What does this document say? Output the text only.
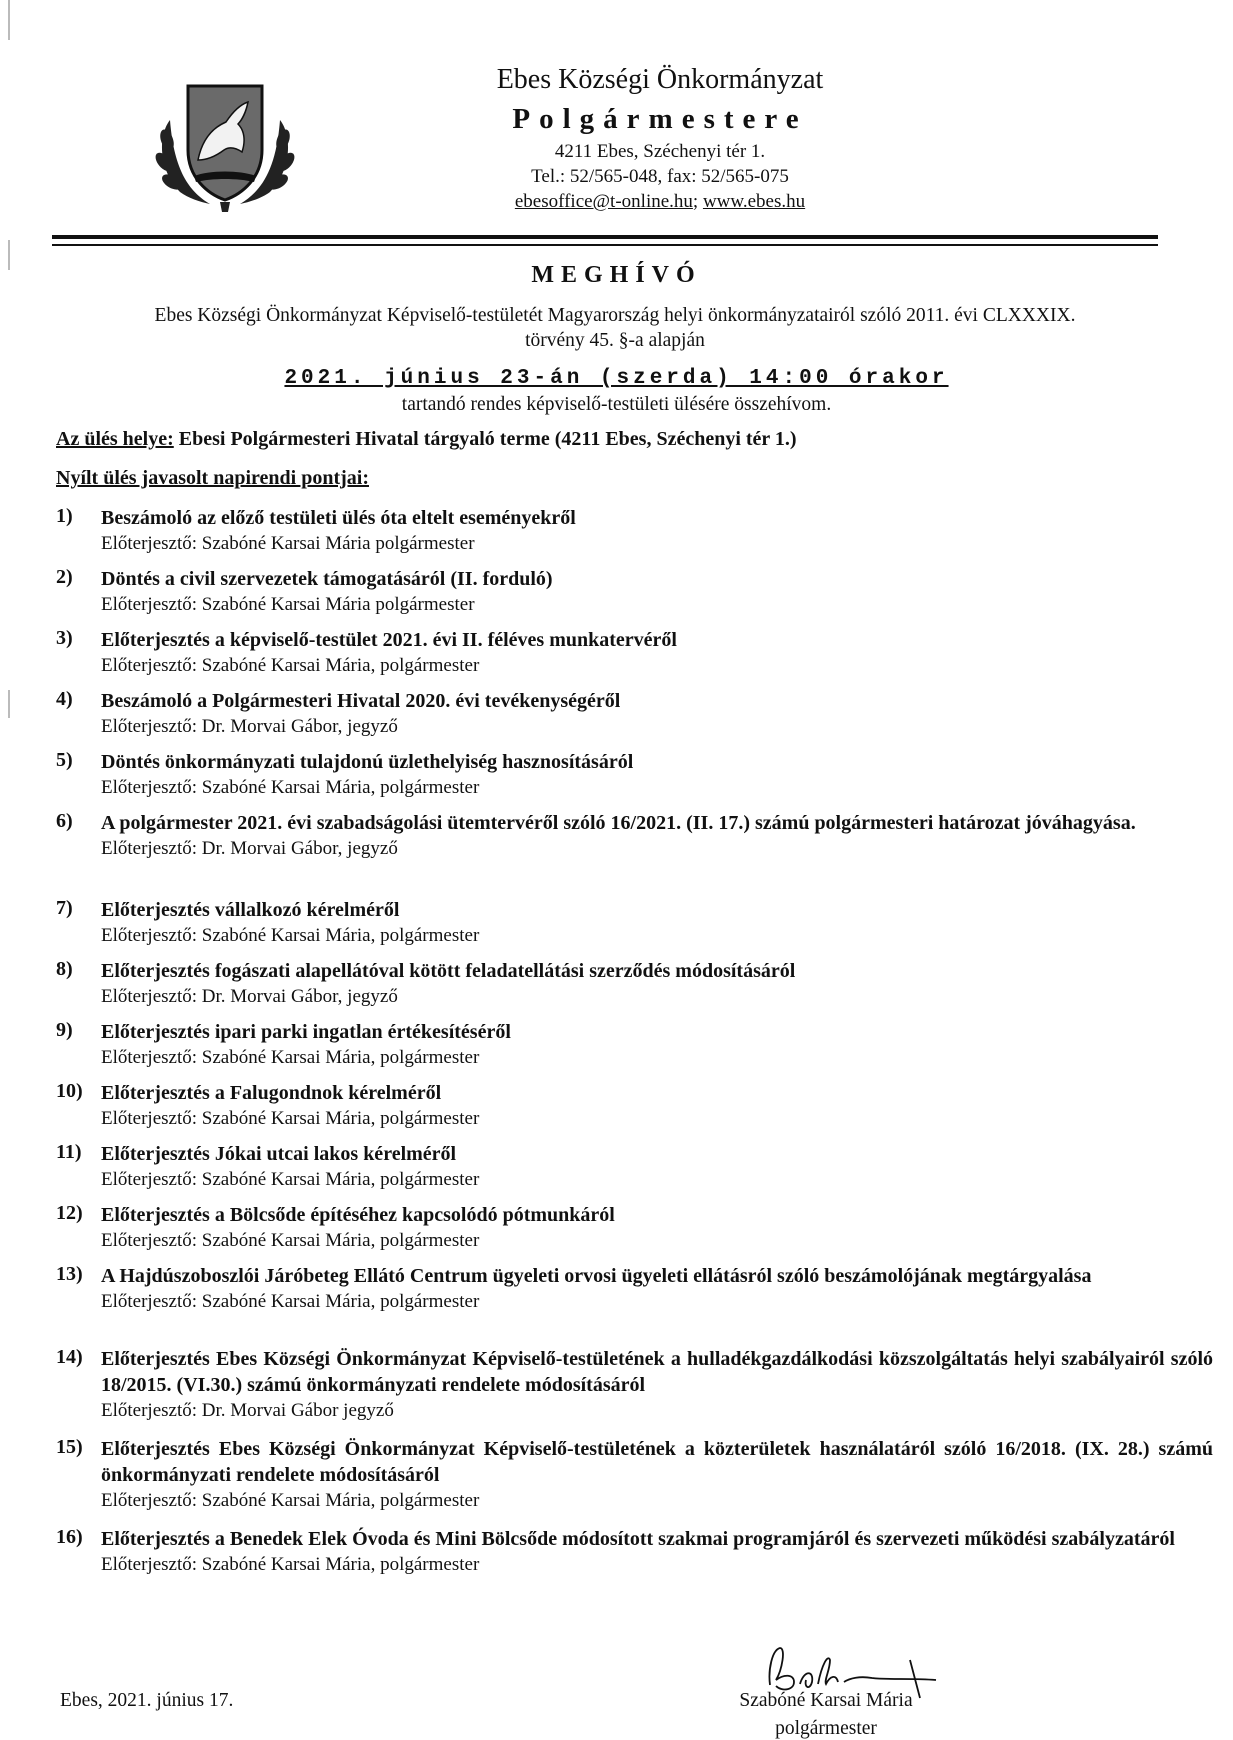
Ebes Községi Önkormányzat
Polgármestere
4211 Ebes, Széchenyi tér 1.
Tel.: 52/565-048, fax: 52/565-075
ebesoffice@t-online.hu; www.ebes.hu
MEGHÍVÓ
Ebes Községi Önkormányzat Képviselő-testületét Magyarország helyi önkormányzatairól szóló 2011. évi CLXXXIX.
törvény 45. §-a alapján
2021. június 23-án (szerda) 14:00 órakor
tartandó rendes képviselő-testületi ülésére összehívom.
Az ülés helye: Ebesi Polgármesteri Hivatal tárgyaló terme (4211 Ebes, Széchenyi tér 1.)
Nyílt ülés javasolt napirendi pontjai:
1)	Beszámoló az előző testületi ülés óta eltelt eseményekről
Előterjesztő: Szabóné Karsai Mária polgármester
2)	Döntés a civil szervezetek támogatásáról (II. forduló)
Előterjesztő: Szabóné Karsai Mária polgármester
3)	Előterjesztés a képviselő-testület 2021. évi II. féléves munkatervéről
Előterjesztő: Szabóné Karsai Mária, polgármester
4)	Beszámoló a Polgármesteri Hivatal 2020. évi tevékenységéről
Előterjesztő: Dr. Morvai Gábor, jegyző
5)	Döntés önkormányzati tulajdonú üzlethelyiség hasznosításáról
Előterjesztő: Szabóné Karsai Mária, polgármester
6)	A polgármester 2021. évi szabadságolási ütemtervéről szóló 16/2021. (II. 17.) számú polgármesteri határozat jóváhagyása.
Előterjesztő: Dr. Morvai Gábor, jegyző
7)	Előterjesztés vállalkozó kérelméről
Előterjesztő: Szabóné Karsai Mária, polgármester
8)	Előterjesztés fogászati alapellátóval kötött feladatellátási szerződés módosításáról
Előterjesztő: Dr. Morvai Gábor, jegyző
9)	Előterjesztés ipari parki ingatlan értékesítéséről
Előterjesztő: Szabóné Karsai Mária, polgármester
10) Előterjesztés a Falugondnok kérelméről
Előterjesztő: Szabóné Karsai Mária, polgármester
11) Előterjesztés Jókai utcai lakos kérelméről
Előterjesztő: Szabóné Karsai Mária, polgármester
12) Előterjesztés a Bölcsőde építéséhez kapcsolódó pótmunkáról
Előterjesztő: Szabóné Karsai Mária, polgármester
13) A Hajdúszoboszlói Járóbeteg Ellátó Centrum ügyeleti orvosi ügyeleti ellátásról szóló beszámolójának megtárgyalása
Előterjesztő: Szabóné Karsai Mária, polgármester
14) Előterjesztés Ebes Községi Önkormányzat Képviselő-testületének a hulladékgazdálkodási közszolgáltatás helyi szabályairól szóló 18/2015. (VI.30.) számú önkormányzati rendelete módosításáról
Előterjesztő: Dr. Morvai Gábor jegyző
15) Előterjesztés Ebes Községi Önkormányzat Képviselő-testületének a közterületek használatáról szóló 16/2018. (IX. 28.) számú önkormányzati rendelete módosításáról
Előterjesztő: Szabóné Karsai Mária, polgármester
16) Előterjesztés a Benedek Elek Óvoda és Mini Bölcsőde módosított szakmai programjáról és szervezeti működési szabályzatáról
Előterjesztő: Szabóné Karsai Mária, polgármester
Ebes, 2021. június 17.	Szabóné Karsai Mária
polgármester
